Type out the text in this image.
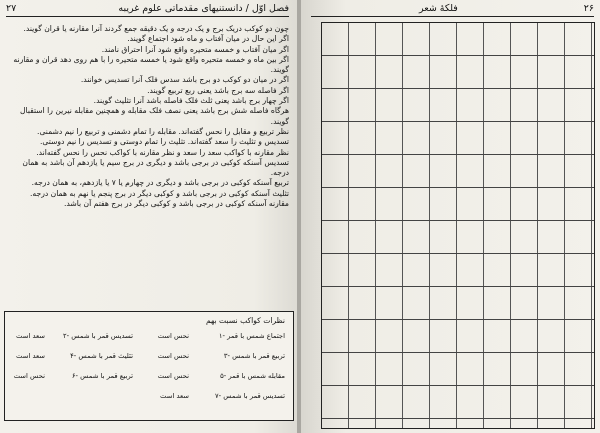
۲۷	فصل اوّل / دانستنیهای مقدماتی علوم غریبه

چون دو کوکب دریک برج و یک درجه و یک دقیقه جمع گردند آنرا مقارنه یا قران گویند.

اگر این حال در میان آفتاب و ماه شود اجتماع گویند.

اگر میان آفتاب و خمسه متحیره واقع شود آنرا احتراق نامند.

اگر بین ماه و خمسه متحیره واقع شود یا خمسه متحیره را با هم روی دهد قران و مقارنه گویند.

اگر در میان دو کوکب دو برج باشد سدس فلک آنرا تسدیس خوانند.

اگر فاصله سه برج باشد یعنی ربع تربیع گویند.

اگر چهار برج باشد یعنی ثلث فلک فاصله باشد آنرا تثلیث گویند.

هرگاه فاصله شش برج باشد یعنی نصف فلک مقابله و همچنین مقابله نیرین را استقبال گویند.

نظر تربیع و مقابل را نحس گفته‌اند. مقابله را تمام دشمنی و تربیع را نیم دشمنی.

تسدیس و تثلیث را سعد گفته‌اند. تثلیث را تمام دوستی و تسدیس را نیم دوستی.

نظر مقارنه با کواکب سعد را سعد و نظر مقارنه با کواکب نحس را نحس گفته‌اند.

تسدیس آسنکه کوکبی در برجی باشد و دیگری در برج سیم یا یازدهم آن باشد به همان درجه.

تربیع آسنکه کوکبی در برجی باشد و دیگری در چهارم یا ۷ یا یازدهم، به همان درجه.

تثلیث آسنکه کوکبی در برجی باشد و کوکبی دیگر در برج پنجم یا نهم به همان درجه.

مقارنه آسنکه کوکبی در برجی باشد و کوکبی دیگر در برج هفتم آن باشد.

نظرات کواکب نسبت بهم
۱- اجتماع شمس با قمر
نحس است
۲- تسدیس قمر با شمس
سعد است
۳- تربیع قمر با شمس
نحس است
۴- تثلیث قمر با شمس
سعد است
۵- مقابله شمس با قمر
نحس است
۶- تربیع قمر با شمس
نحس است
۷- تسدیس قمر با شمس
سعد است
۲۶
فلکهٔ شعر
